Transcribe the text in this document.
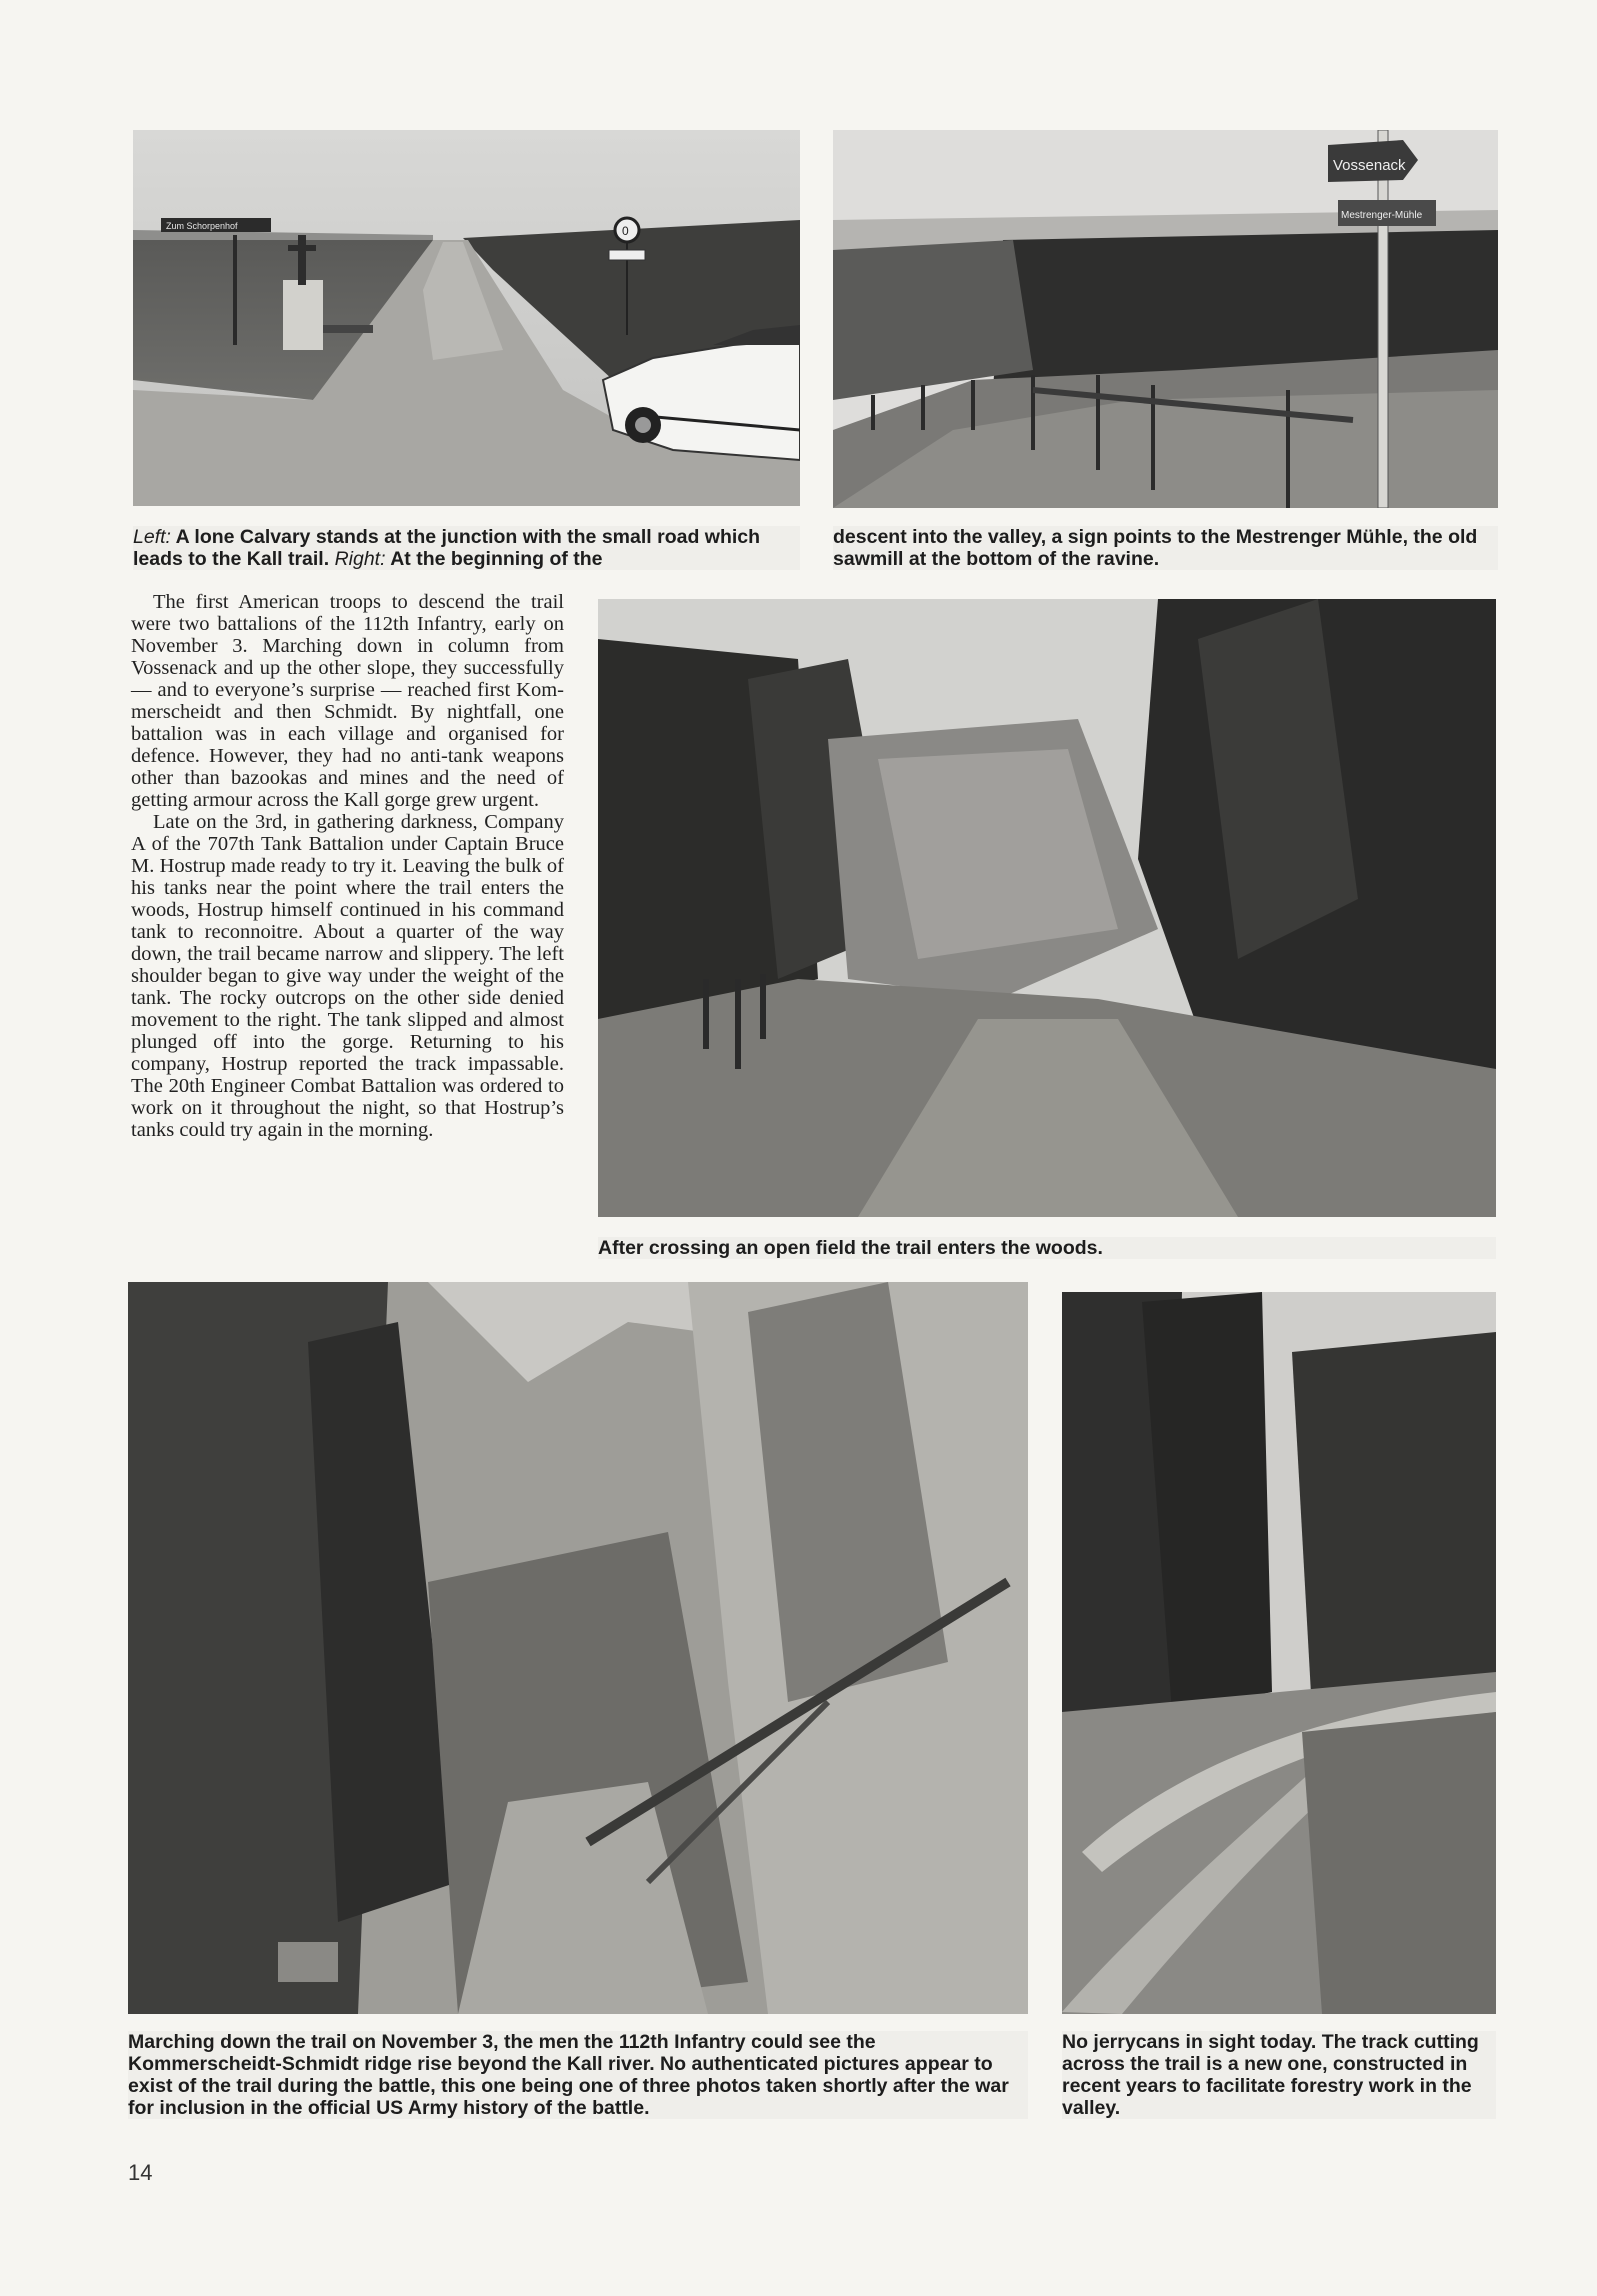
Zum Schorpenhof	0
Vossenack
Mestrenger-Mühle

Left: A lone Calvary stands at the junction with the small road which leads to the Kall trail. Right: At the beginning of the

descent into the valley, a sign points to the Mestrenger Mühle, the old sawmill at the bottom of the ravine.

The first American troops to descend the trail were two battalions of the 112th Infantry, early on November 3. Marching down in column from Vossenack and up the other slope, they successfully — and to everyone’s surprise — reached first Kommerscheidt and then Schmidt. By nightfall, one battalion was in each village and organised for defence. However, they had no anti-tank weapons other than bazookas and mines and the need of getting armour across the Kall gorge grew urgent.

Late on the 3rd, in gathering darkness, Company A of the 707th Tank Battalion under Captain Bruce M. Hostrup made ready to try it. Leaving the bulk of his tanks near the point where the trail enters the woods, Hostrup himself continued in his command tank to reconnoitre. About a quarter of the way down, the trail became narrow and slippery. The left shoulder began to give way under the weight of the tank. The rocky outcrops on the other side denied movement to the right. The tank slipped and almost plunged off into the gorge. Returning to his company, Hostrup reported the track impassable. The 20th Engineer Combat Battalion was ordered to work on it throughout the night, so that Hostrup’s tanks could try again in the morning.

After crossing an open field the trail enters the woods.

Marching down the trail on November 3, the men the 112th Infantry could see the Kommerscheidt-Schmidt ridge rise beyond the Kall river. No authenticated pictures appear to exist of the trail during the battle, this one being one of three photos taken shortly after the war for inclusion in the official US Army history of the battle.

No jerrycans in sight today. The track cutting across the trail is a new one, constructed in recent years to facilitate forestry work in the valley.

14
